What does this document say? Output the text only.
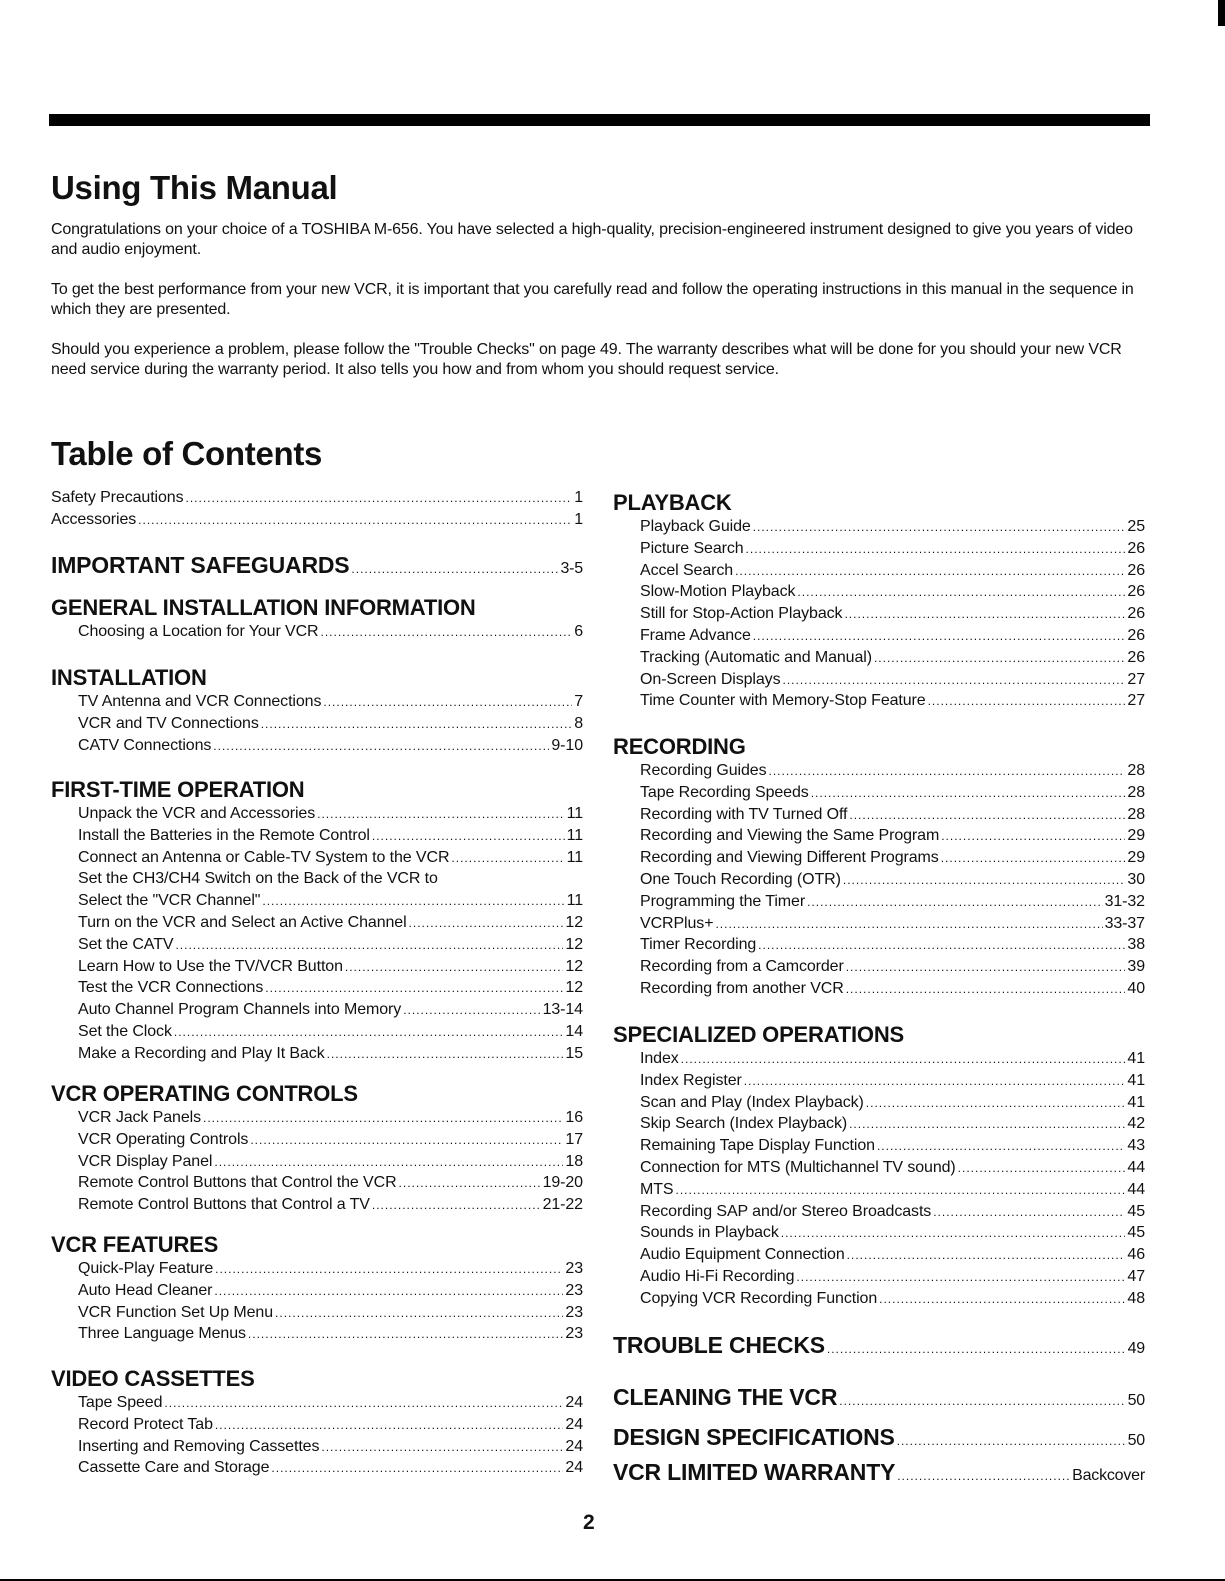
Using This Manual

Congratulations on your choice of a TOSHIBA M-656. You have selected a high-quality, precision-engineered instrument designed to give you years of video and audio enjoyment.

To get the best performance from your new VCR, it is important that you carefully read and follow the operating instructions in this manual in the sequence in which they are presented.

Should you experience a problem, please follow the "Trouble Checks" on page 49. The warranty describes what will be done for you should your new VCR need service during the warranty period. It also tells you how and from whom you should request service.

Table of Contents
Safety Precautions .....	1
Accessories .....	1
IMPORTANT SAFEGUARDS .....	3-5
GENERAL INSTALLATION INFORMATION
Choosing a Location for Your VCR .....	6
INSTALLATION
TV Antenna and VCR Connections .....	7
VCR and TV Connections .....	8
CATV Connections .....	9-10
FIRST-TIME OPERATION
Unpack the VCR and Accessories .....	11
Install the Batteries in the Remote Control .....	11
Connect an Antenna or Cable-TV System to the VCR .....	11
Set the CH3/CH4 Switch on the Back of the VCR to
Select the "VCR Channel" .....	11
Turn on the VCR and Select an Active Channel .....	12
Set the CATV .....	12
Learn How to Use the TV/VCR Button .....	12
Test the VCR Connections .....	12
Auto Channel Program Channels into Memory .....	13-14
Set the Clock .....	14
Make a Recording and Play It Back .....	15
VCR OPERATING CONTROLS
VCR Jack Panels .....	16
VCR Operating Controls .....	17
VCR Display Panel .....	18
Remote Control Buttons that Control the VCR .....	19-20
Remote Control Buttons that Control a TV .....	21-22
VCR FEATURES
Quick-Play Feature .....	23
Auto Head Cleaner .....	23
VCR Function Set Up Menu .....	23
Three Language Menus .....	23
VIDEO CASSETTES
Tape Speed .....	24
Record Protect Tab .....	24
Inserting and Removing Cassettes .....	24
Cassette Care and Storage .....	24
PLAYBACK
Playback Guide .....	25
Picture Search .....	26
Accel Search .....	26
Slow-Motion Playback .....	26
Still for Stop-Action Playback .....	26
Frame Advance .....	26
Tracking (Automatic and Manual) .....	26
On-Screen Displays .....	27
Time Counter with Memory-Stop Feature .....	27
RECORDING
Recording Guides .....	28
Tape Recording Speeds .....	28
Recording with TV Turned Off .....	28
Recording and Viewing the Same Program .....	29
Recording and Viewing Different Programs .....	29
One Touch Recording (OTR) .....	30
Programming the Timer .....	31-32
VCRPlus+ .....	33-37
Timer Recording .....	38
Recording from a Camcorder .....	39
Recording from another VCR .....	40
SPECIALIZED OPERATIONS
Index .....	41
Index Register .....	41
Scan and Play (Index Playback) .....	41
Skip Search (Index Playback) .....	42
Remaining Tape Display Function .....	43
Connection for MTS (Multichannel TV sound) .....	44
MTS .....	44
Recording SAP and/or Stereo Broadcasts .....	45
Sounds in Playback .....	45
Audio Equipment Connection .....	46
Audio Hi-Fi Recording .....	47
Copying VCR Recording Function .....	48
TROUBLE CHECKS .....	49
CLEANING THE VCR .....	50
DESIGN SPECIFICATIONS .....	50
VCR LIMITED WARRANTY .....	Backcover
2
